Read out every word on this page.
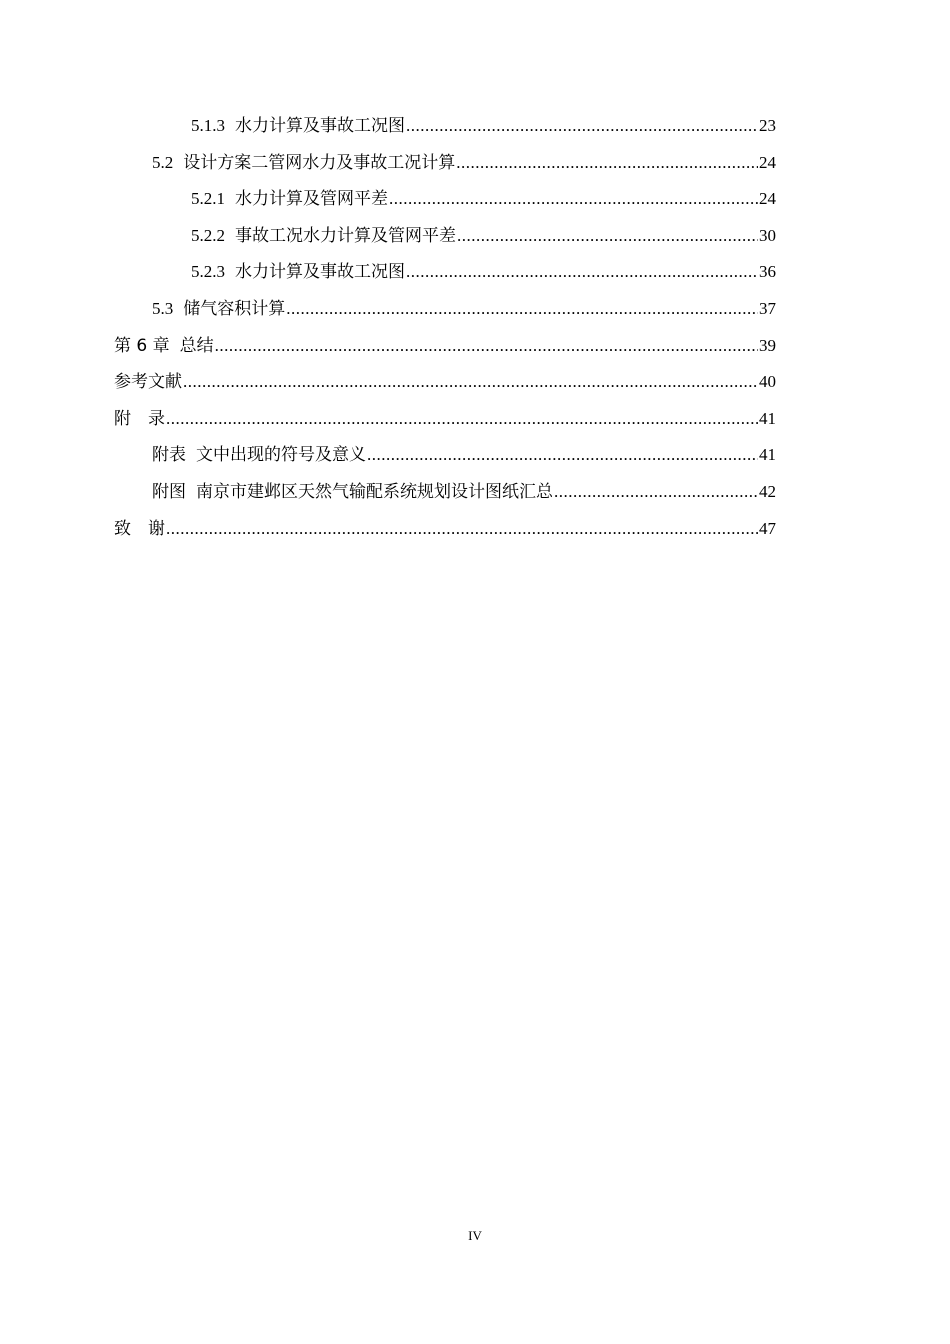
5.1.3 水力计算及事故工况图 .....	23
5.2 设计方案二管网水力及事故工况计算 .....	24
5.2.1 水力计算及管网平差 .....	24
5.2.2 事故工况水力计算及管网平差 .....	30
5.2.3 水力计算及事故工况图 .....	36
5.3 储气容积计算 .....	37
第 6 章 总结 .....	39
参考文献 .....	40
附　录 .....	41
附表 文中出现的符号及意义 .....	41
附图 南京市建邺区天然气输配系统规划设计图纸汇总 .....	42
致　谢 .....	47
IV
